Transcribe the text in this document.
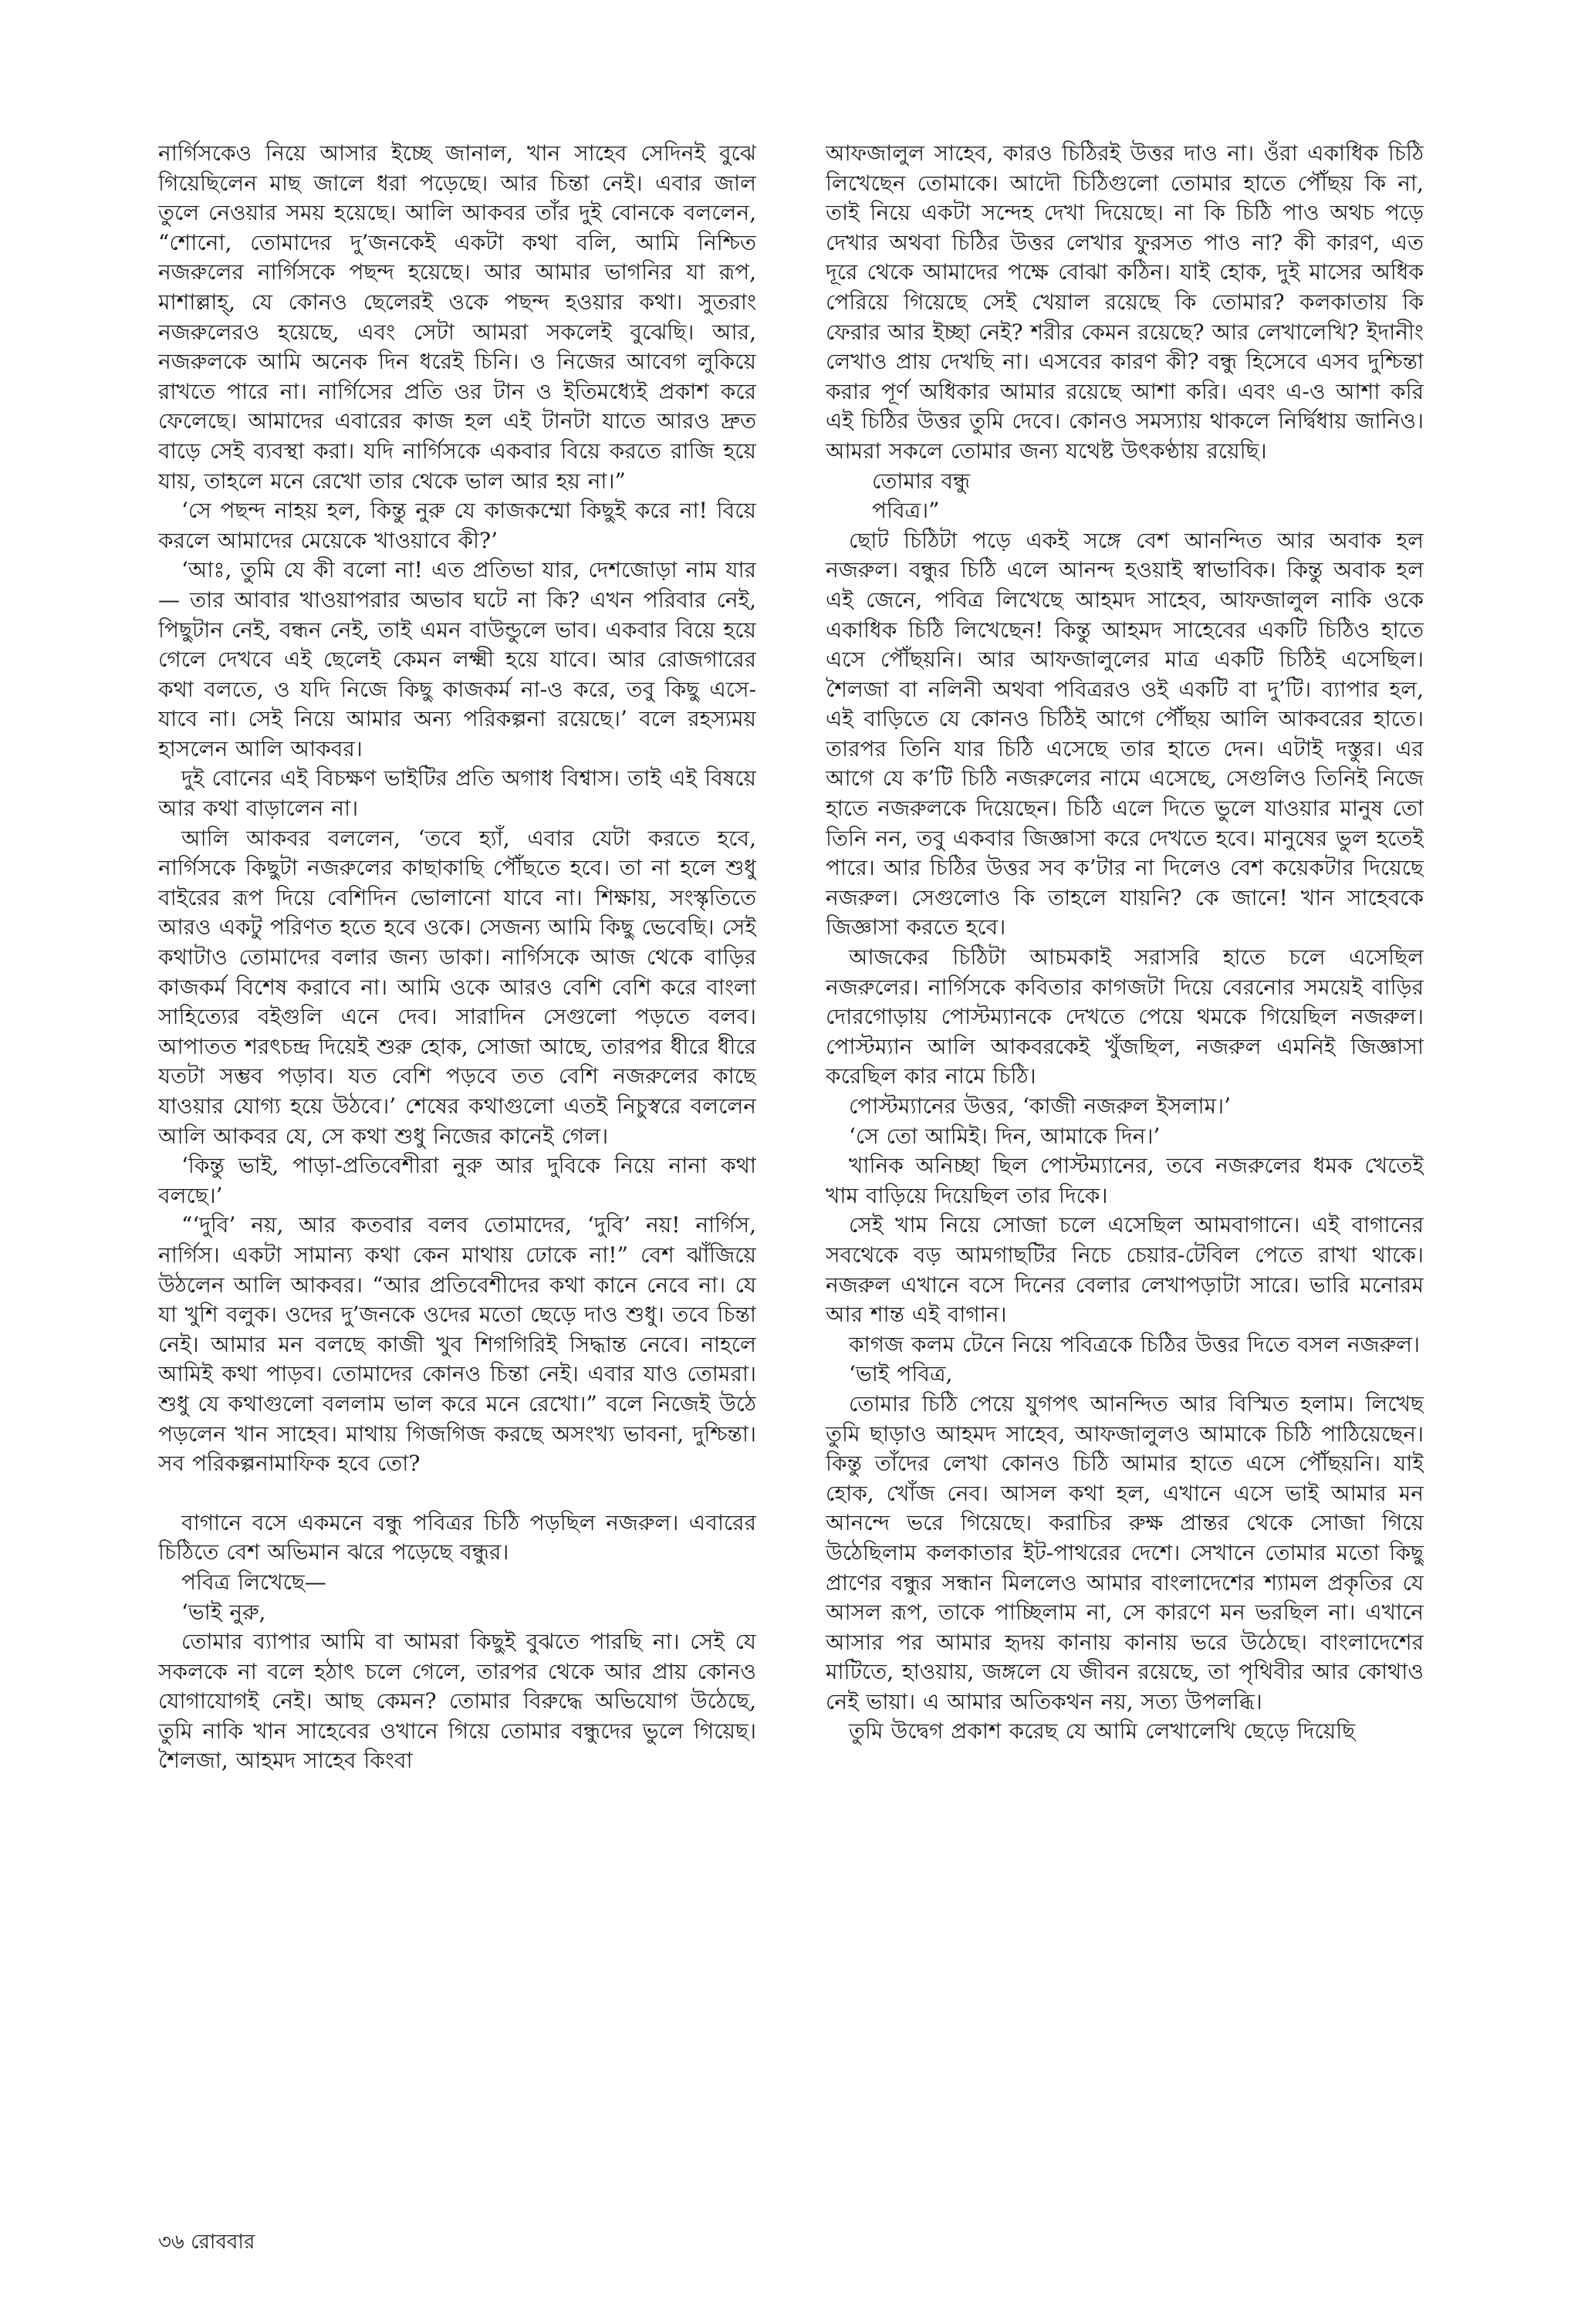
নার্গিসকেও নিয়ে আসার ইচ্ছে জানাল, খান সাহেব সেদিনই বুঝে গিয়েছিলেন মাছ জালে ধরা পড়েছে। আর চিন্তা নেই। এবার জাল তুলে নেওয়ার সময় হয়েছে। আলি আকবর তাঁর দুই বোনকে বললেন, “শোনো, তোমাদের দু’জনকেই একটা কথা বলি, আমি নিশ্চিত নজরুলের নার্গিসকে পছন্দ হয়েছে। আর আমার ভাগনির যা রূপ, মাশাল্লাহ্, যে কোনও ছেলেরই ওকে পছন্দ হওয়ার কথা। সুতরাং নজরুলেরও হয়েছে, এবং সেটা আমরা সকলেই বুঝেছি। আর, নজরুলকে আমি অনেক দিন ধরেই চিনি। ও নিজের আবেগ লুকিয়ে রাখতে পারে না। নার্গিসের প্রতি ওর টান ও ইতিমধ্যেই প্রকাশ করে ফেলেছে। আমাদের এবারের কাজ হল এই টানটা যাতে আরও দ্রুত বাড়ে সেই ব্যবস্থা করা। যদি নার্গিসকে একবার বিয়ে করতে রাজি হয়ে যায়, তাহলে মনে রেখো তার থেকে ভাল আর হয় না।”

‘সে পছন্দ নাহয় হল, কিন্তু নুরু যে কাজকম্মো কিছুই করে না! বিয়ে করলে আমাদের মেয়েকে খাওয়াবে কী?’

‘আঃ, তুমি যে কী বলো না! এত প্রতিভা যার, দেশজোড়া নাম যার— তার আবার খাওয়াপরার অভাব ঘটে না কি? এখন পরিবার নেই, পিছুটান নেই, বন্ধন নেই, তাই এমন বাউন্ডুলে ভাব। একবার বিয়ে হয়ে গেলে দেখবে এই ছেলেই কেমন লক্ষ্মী হয়ে যাবে। আর রোজগারের কথা বলতে, ও যদি নিজে কিছু কাজকর্ম না-ও করে, তবু কিছু এসে-যাবে না। সেই নিয়ে আমার অন্য পরিকল্পনা রয়েছে।’ বলে রহস্যময় হাসলেন আলি আকবর।

দুই বোনের এই বিচক্ষণ ভাইটির প্রতি অগাধ বিশ্বাস। তাই এই বিষয়ে আর কথা বাড়ালেন না।

আলি আকবর বললেন, ‘তবে হ্যাঁ, এবার যেটা করতে হবে, নার্গিসকে কিছুটা নজরুলের কাছাকাছি পৌঁছতে হবে। তা না হলে শুধু বাইরের রূপ দিয়ে বেশিদিন ভোলানো যাবে না। শিক্ষায়, সংস্কৃতিতে আরও একটু পরিণত হতে হবে ওকে। সেজন্য আমি কিছু ভেবেছি। সেই কথাটাও তোমাদের বলার জন্য ডাকা। নার্গিসকে আজ থেকে বাড়ির কাজকর্ম বিশেষ করাবে না। আমি ওকে আরও বেশি বেশি করে বাংলা সাহিত্যের বইগুলি এনে দেব। সারাদিন সেগুলো পড়তে বলব। আপাতত শরৎচন্দ্র দিয়েই শুরু হোক, সোজা আছে, তারপর ধীরে ধীরে যতটা সম্ভব পড়াব। যত বেশি পড়বে তত বেশি নজরুলের কাছে যাওয়ার যোগ্য হয়ে উঠবে।’ শেষের কথাগুলো এতই নিচুস্বরে বললেন আলি আকবর যে, সে কথা শুধু নিজের কানেই গেল।

‘কিন্তু ভাই, পাড়া-প্রতিবেশীরা নুরু আর দুবিকে নিয়ে নানা কথা বলছে।’

“‘দুবি’ নয়, আর কতবার বলব তোমাদের, ‘দুবি’ নয়! নার্গিস, নার্গিস। একটা সামান্য কথা কেন মাথায় ঢোকে না!” বেশ ঝাঁজিয়ে উঠলেন আলি আকবর। “আর প্রতিবেশীদের কথা কানে নেবে না। যে যা খুশি বলুক। ওদের দু’জনকে ওদের মতো ছেড়ে দাও শুধু। তবে চিন্তা নেই। আমার মন বলছে কাজী খুব শিগগিরিই সিদ্ধান্ত নেবে। নাহলে আমিই কথা পাড়ব। তোমাদের কোনও চিন্তা নেই। এবার যাও তোমরা। শুধু যে কথাগুলো বললাম ভাল করে মনে রেখো।” বলে নিজেই উঠে পড়লেন খান সাহেব। মাথায় গিজগিজ করছে অসংখ্য ভাবনা, দুশ্চিন্তা। সব পরিকল্পনামাফিক হবে তো?

বাগানে বসে একমনে বন্ধু পবিত্রর চিঠি পড়ছিল নজরুল। এবারের চিঠিতে বেশ অভিমান ঝরে পড়েছে বন্ধুর।

পবিত্র লিখেছে—

‘ভাই নুরু,

তোমার ব্যাপার আমি বা আমরা কিছুই বুঝতে পারছি না। সেই যে সকলকে না বলে হঠাৎ চলে গেলে, তারপর থেকে আর প্রায় কোনও যোগাযোগই নেই। আছ কেমন? তোমার বিরুদ্ধে অভিযোগ উঠেছে, তুমি নাকি খান সাহেবের ওখানে গিয়ে তোমার বন্ধুদের ভুলে গিয়েছ। শৈলজা, আহমদ সাহেব কিংবা

আফজালুল সাহেব, কারও চিঠিরই উত্তর দাও না। ওঁরা একাধিক চিঠি লিখেছেন তোমাকে। আদৌ চিঠিগুলো তোমার হাতে পৌঁছয় কি না, তাই নিয়ে একটা সন্দেহ দেখা দিয়েছে। না কি চিঠি পাও অথচ পড়ে দেখার অথবা চিঠির উত্তর লেখার ফুরসত পাও না? কী কারণ, এত দূরে থেকে আমাদের পক্ষে বোঝা কঠিন। যাই হোক, দুই মাসের অধিক পেরিয়ে গিয়েছে সেই খেয়াল রয়েছে কি তোমার? কলকাতায় কি ফেরার আর ইচ্ছা নেই? শরীর কেমন রয়েছে? আর লেখালেখি? ইদানীং লেখাও প্রায় দেখছি না। এসবের কারণ কী? বন্ধু হিসেবে এসব দুশ্চিন্তা করার পূর্ণ অধিকার আমার রয়েছে আশা করি। এবং এ-ও আশা করি এই চিঠির উত্তর তুমি দেবে। কোনও সমস্যায় থাকলে নির্দ্বিধায় জানিও। আমরা সকলে তোমার জন্য যথেষ্ট উৎকণ্ঠায় রয়েছি।

তোমার বন্ধু

পবিত্র।”

ছোট চিঠিটা পড়ে একই সঙ্গে বেশ আনন্দিত আর অবাক হল নজরুল। বন্ধুর চিঠি এলে আনন্দ হওয়াই স্বাভাবিক। কিন্তু অবাক হল এই জেনে, পবিত্র লিখেছে আহমদ সাহেব, আফজালুল নাকি ওকে একাধিক চিঠি লিখেছেন! কিন্তু আহমদ সাহেবের একটি চিঠিও হাতে এসে পৌঁছয়নি। আর আফজালুলের মাত্র একটি চিঠিই এসেছিল। শৈলজা বা নলিনী অথবা পবিত্ররও ওই একটি বা দু’টি। ব্যাপার হল, এই বাড়িতে যে কোনও চিঠিই আগে পৌঁছয় আলি আকবরের হাতে। তারপর তিনি যার চিঠি এসেছে তার হাতে দেন। এটাই দস্তুর। এর আগে যে ক’টি চিঠি নজরুলের নামে এসেছে, সেগুলিও তিনিই নিজে হাতে নজরুলকে দিয়েছেন। চিঠি এলে দিতে ভুলে যাওয়ার মানুষ তো তিনি নন, তবু একবার জিজ্ঞাসা করে দেখতে হবে। মানুষের ভুল হতেই পারে। আর চিঠির উত্তর সব ক’টার না দিলেও বেশ কয়েকটার দিয়েছে নজরুল। সেগুলোও কি তাহলে যায়নি? কে জানে! খান সাহেবকে জিজ্ঞাসা করতে হবে।

আজকের চিঠিটা আচমকাই সরাসরি হাতে চলে এসেছিল নজরুলের। নার্গিসকে কবিতার কাগজটা দিয়ে বেরনোর সময়েই বাড়ির দোরগোড়ায় পোস্টম্যানকে দেখতে পেয়ে থমকে গিয়েছিল নজরুল। পোস্টম্যান আলি আকবরকেই খুঁজছিল, নজরুল এমনিই জিজ্ঞাসা করেছিল কার নামে চিঠি।

পোস্টম্যানের উত্তর, ‘কাজী নজরুল ইসলাম।’

‘সে তো আমিই। দিন, আমাকে দিন।’

খানিক অনিচ্ছা ছিল পোস্টম্যানের, তবে নজরুলের ধমক খেতেই খাম বাড়িয়ে দিয়েছিল তার দিকে।

সেই খাম নিয়ে সোজা চলে এসেছিল আমবাগানে। এই বাগানের সবথেকে বড় আমগাছটির নিচে চেয়ার-টেবিল পেতে রাখা থাকে। নজরুল এখানে বসে দিনের বেলার লেখাপড়াটা সারে। ভারি মনোরম আর শান্ত এই বাগান।

কাগজ কলম টেনে নিয়ে পবিত্রকে চিঠির উত্তর দিতে বসল নজরুল।

‘ভাই পবিত্র,

তোমার চিঠি পেয়ে যুগপৎ আনন্দিত আর বিস্মিত হলাম। লিখেছ তুমি ছাড়াও আহমদ সাহেব, আফজালুলও আমাকে চিঠি পাঠিয়েছেন। কিন্তু তাঁদের লেখা কোনও চিঠি আমার হাতে এসে পৌঁছয়নি। যাই হোক, খোঁজ নেব। আসল কথা হল, এখানে এসে ভাই আমার মন আনন্দে ভরে গিয়েছে। করাচির রুক্ষ প্রান্তর থেকে সোজা গিয়ে উঠেছিলাম কলকাতার ইট-পাথরের দেশে। সেখানে তোমার মতো কিছু প্রাণের বন্ধুর সন্ধান মিললেও আমার বাংলাদেশের শ্যামল প্রকৃতির যে আসল রূপ, তাকে পাচ্ছিলাম না, সে কারণে মন ভরছিল না। এখানে আসার পর আমার হৃদয় কানায় কানায় ভরে উঠেছে। বাংলাদেশের মাটিতে, হাওয়ায়, জঙ্গলে যে জীবন রয়েছে, তা পৃথিবীর আর কোথাও নেই ভায়া। এ আমার অতিকথন নয়, সত্য উপলব্ধি।

তুমি উদ্বেগ প্রকাশ করেছ যে আমি লেখালেখি ছেড়ে দিয়েছি

৩৬ রোববার
